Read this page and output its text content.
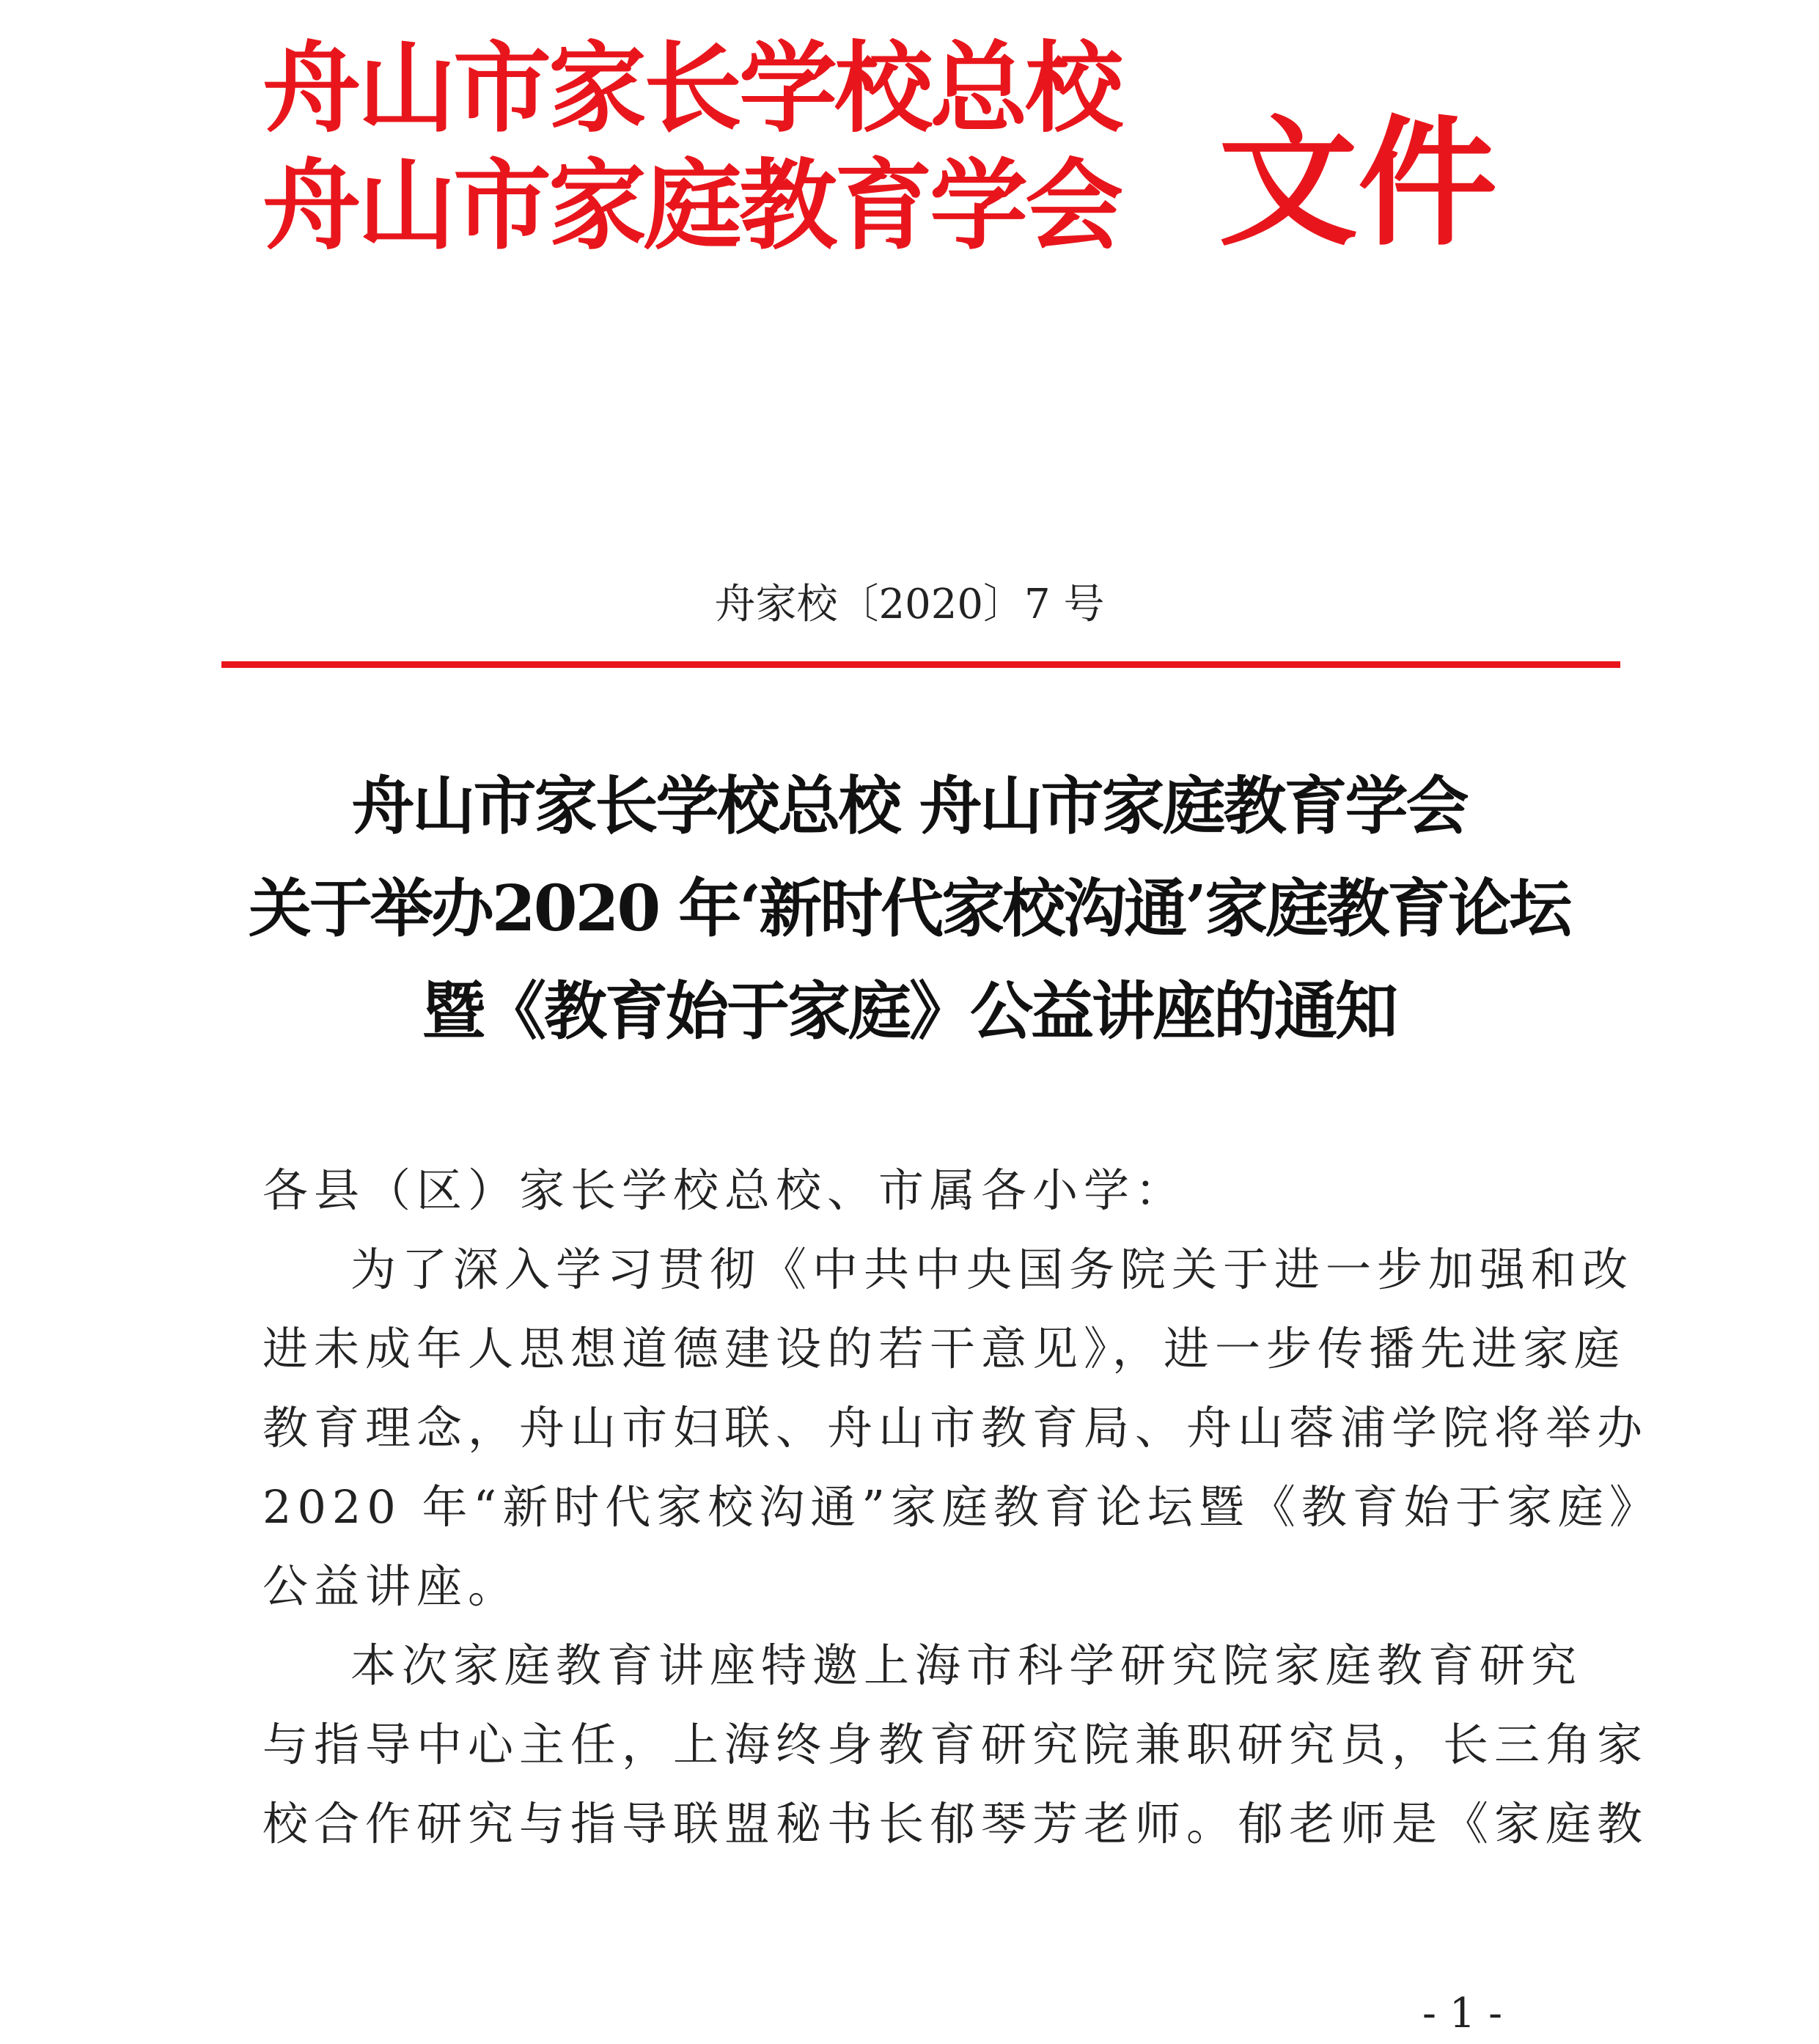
舟山市家长学校总校
舟山市家庭教育学会 文件
舟家校〔2020〕7 号
舟山市家长学校总校 舟山市家庭教育学会
关于举办2020 年‘新时代家校沟通’家庭教育论坛
暨《教育始于家庭》公益讲座的通知
各县（区）家长学校总校、市属各小学：
为了深入学习贯彻《中共中央国务院关于进一步加强和改
进未成年人思想道德建设的若干意见》，进一步传播先进家庭
教育理念，舟山市妇联、舟山市教育局、舟山蓉浦学院将举办
2020 年“新时代家校沟通”家庭教育论坛暨《教育始于家庭》
公益讲座。
本次家庭教育讲座特邀上海市科学研究院家庭教育研究
与指导中心主任，上海终身教育研究院兼职研究员，长三角家
校合作研究与指导联盟秘书长郁琴芳老师。郁老师是《家庭教
- 1 -
